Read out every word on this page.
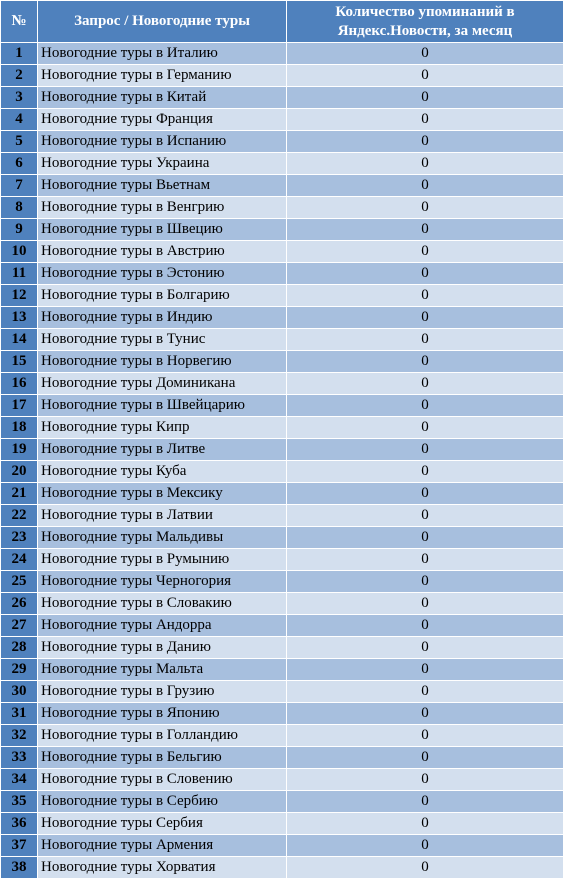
№	Запрос / Новогодние туры	Количество упоминаний в Яндекс.Новости, за месяц
1	Новогодние туры в Италию	0
2	Новогодние туры в Германию	0
3	Новогодние туры в Китай	0
4	Новогодние туры Франция	0
5	Новогодние туры в Испанию	0
6	Новогодние туры Украина	0
7	Новогодние туры Вьетнам	0
8	Новогодние туры в Венгрию	0
9	Новогодние туры в Швецию	0
10	Новогодние туры в Австрию	0
11	Новогодние туры в Эстонию	0
12	Новогодние туры в Болгарию	0
13	Новогодние туры в Индию	0
14	Новогодние туры в Тунис	0
15	Новогодние туры в Норвегию	0
16	Новогодние туры Доминикана	0
17	Новогодние туры в Швейцарию	0
18	Новогодние туры Кипр	0
19	Новогодние туры в Литве	0
20	Новогодние туры Куба	0
21	Новогодние туры в Мексику	0
22	Новогодние туры в Латвии	0
23	Новогодние туры Мальдивы	0
24	Новогодние туры в Румынию	0
25	Новогодние туры Черногория	0
26	Новогодние туры в Словакию	0
27	Новогодние туры Андорра	0
28	Новогодние туры в Данию	0
29	Новогодние туры Мальта	0
30	Новогодние туры в Грузию	0
31	Новогодние туры в Японию	0
32	Новогодние туры в Голландию	0
33	Новогодние туры в Бельгию	0
34	Новогодние туры в Словению	0
35	Новогодние туры в Сербию	0
36	Новогодние туры Сербия	0
37	Новогодние туры Армения	0
38	Новогодние туры Хорватия	0
